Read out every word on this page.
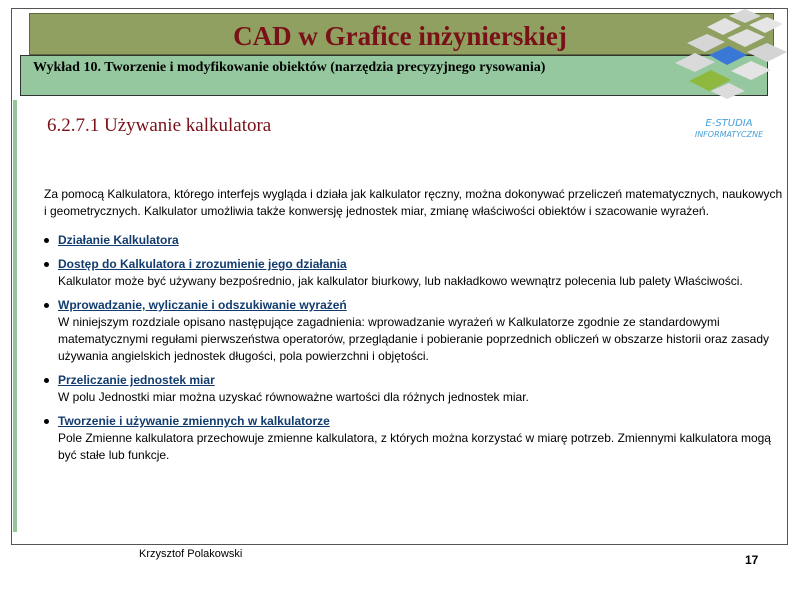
CAD w Grafice inżynierskiej
Wykład 10. Tworzenie i modyfikowanie obiektów (narzędzia precyzyjnego rysowania)
E-STUDIA
INFORMATYCZNE
6.2.7.1 Używanie kalkulatora
Za pomocą Kalkulatora, którego interfejs wygląda i działa jak kalkulator ręczny, można dokonywać przeliczeń matematycznych, naukowych i geometrycznych. Kalkulator umożliwia także konwersję jednostek miar, zmianę właściwości obiektów i szacowanie wyrażeń.
Działanie Kalkulatora
Dostęp do Kalkulatora i zrozumienie jego działania
Kalkulator może być używany bezpośrednio, jak kalkulator biurkowy, lub nakładkowo wewnątrz polecenia lub palety Właściwości.
Wprowadzanie, wyliczanie i odszukiwanie wyrażeń
W niniejszym rozdziale opisano następujące zagadnienia: wprowadzanie wyrażeń w Kalkulatorze zgodnie ze standardowymi matematycznymi regułami pierwszeństwa operatorów, przeglądanie i pobieranie poprzednich obliczeń w obszarze historii oraz zasady używania angielskich jednostek długości, pola powierzchni i objętości.
Przeliczanie jednostek miar
W polu Jednostki miar można uzyskać równoważne wartości dla różnych jednostek miar.
Tworzenie i używanie zmiennych w kalkulatorze
Pole Zmienne kalkulatora przechowuje zmienne kalkulatora, z których można korzystać w miarę potrzeb. Zmiennymi kalkulatora mogą być stałe lub funkcje.
Krzysztof Polakowski	17
